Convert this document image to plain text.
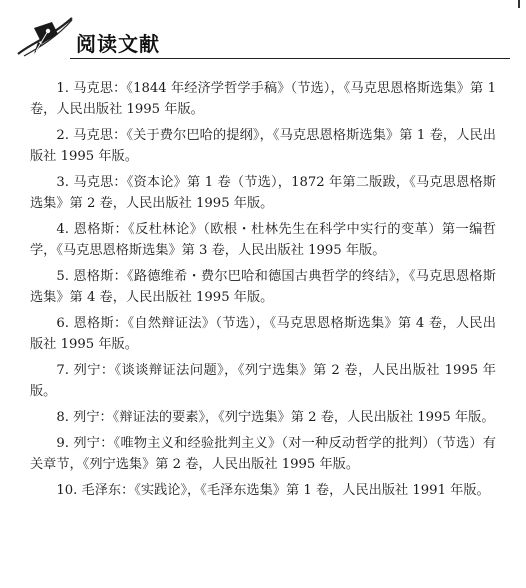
阅读文献
1. 马克思：《1844 年经济学哲学手稿》（节选），《马克思恩格斯选集》第 1 卷，人民出版社 1995 年版。
2. 马克思：《关于费尔巴哈的提纲》，《马克思恩格斯选集》第 1 卷，人民出版社 1995 年版。
3. 马克思：《资本论》第 1 卷（节选），1872 年第二版跋，《马克思恩格斯选集》第 2 卷，人民出版社 1995 年版。
4. 恩格斯：《反杜林论》（欧根・杜林先生在科学中实行的变革）第一编哲学，《马克思恩格斯选集》第 3 卷，人民出版社 1995 年版。
5. 恩格斯：《路德维希・费尔巴哈和德国古典哲学的终结》，《马克思恩格斯选集》第 4 卷，人民出版社 1995 年版。
6. 恩格斯：《自然辩证法》（节选），《马克思恩格斯选集》第 4 卷，人民出版社 1995 年版。
7. 列宁：《谈谈辩证法问题》，《列宁选集》第 2 卷，人民出版社 1995 年版。
8. 列宁：《辩证法的要素》，《列宁选集》第 2 卷，人民出版社 1995 年版。
9. 列宁：《唯物主义和经验批判主义》（对一种反动哲学的批判）（节选）有关章节，《列宁选集》第 2 卷，人民出版社 1995 年版。
10. 毛泽东：《实践论》，《毛泽东选集》第 1 卷，人民出版社 1991 年版。
